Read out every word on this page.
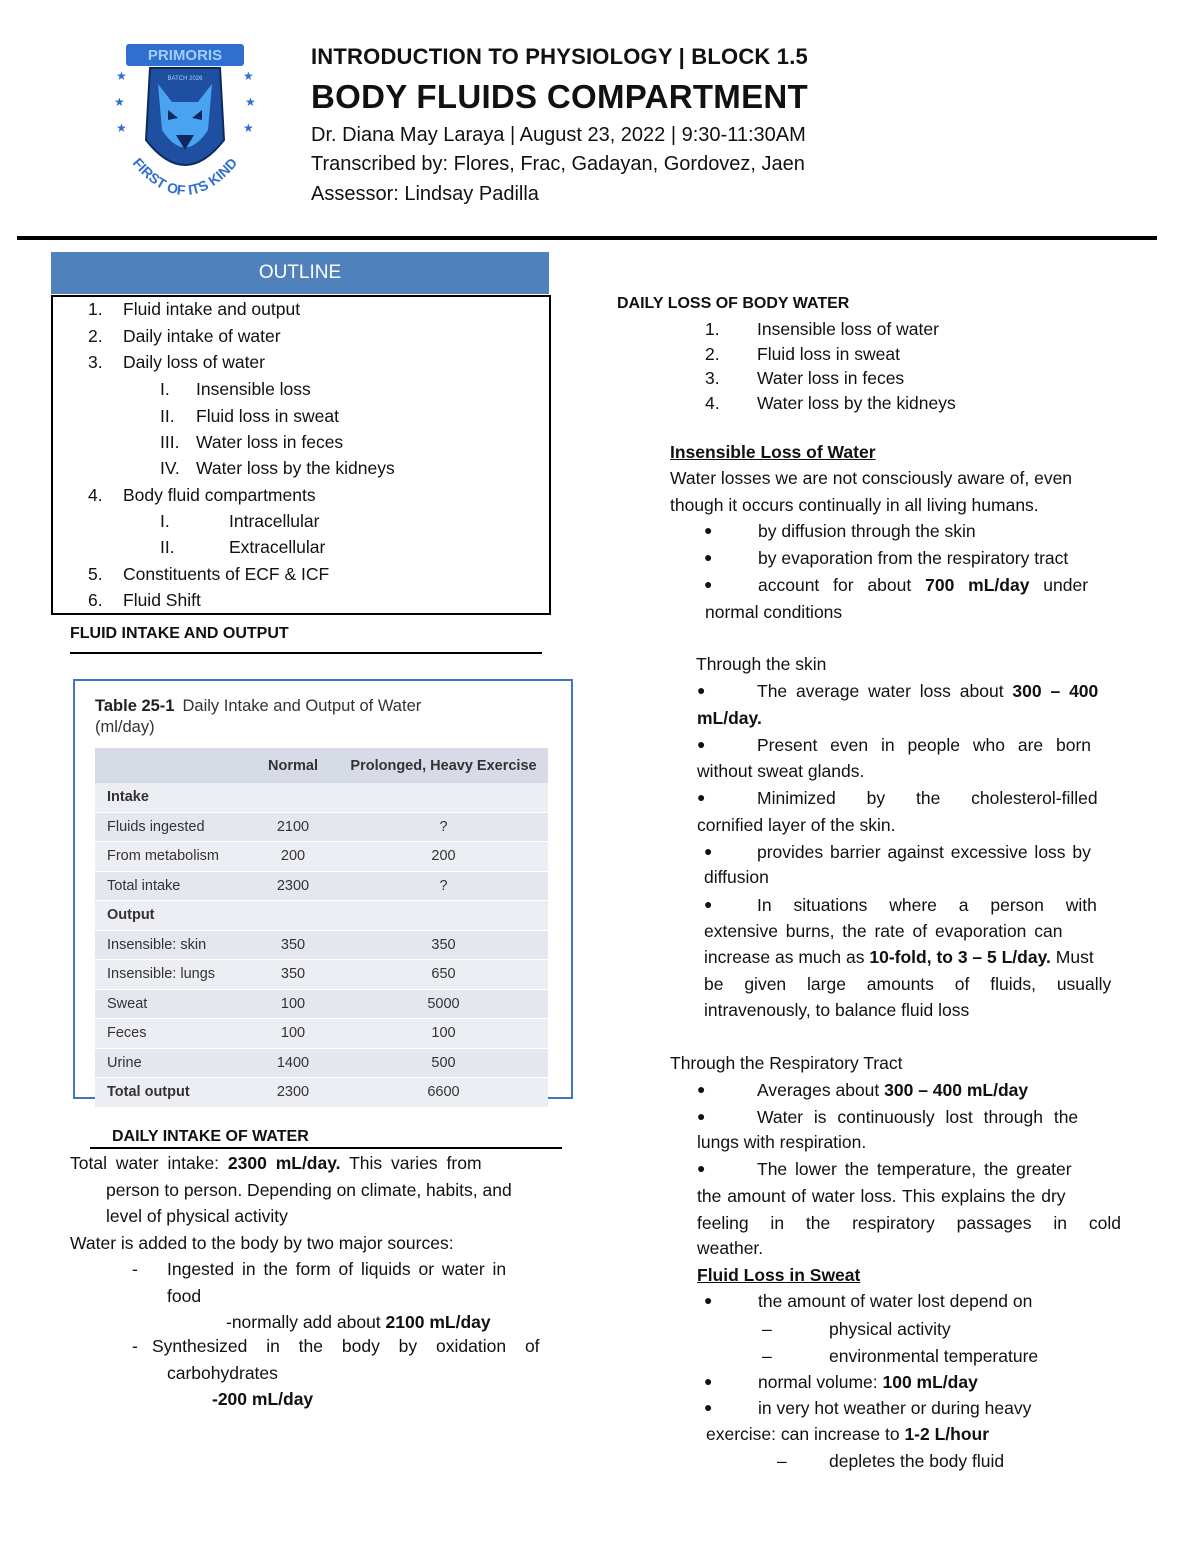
PRIMORIS
★	★
★	★
★	★
BATCH 2026
FIRST OF ITS KIND
INTRODUCTION TO PHYSIOLOGY | BLOCK 1.5
BODY FLUIDS COMPARTMENT
Dr. Diana May Laraya | August 23, 2022 | 9:30-11:30AM
Transcribed by: Flores, Frac, Gadayan, Gordovez, Jaen
Assessor: Lindsay Padilla
OUTLINE
1. Fluid intake and output
2. Daily intake of water
3. Daily loss of water
I. Insensible loss
II. Fluid loss in sweat
III. Water loss in feces
IV. Water loss by the kidneys
4. Body fluid compartments
I.	Intracellular
II.	Extracellular
5. Constituents of ECF & ICF
6. Fluid Shift
FLUID INTAKE AND OUTPUT
Table 25-1 Daily Intake and Output of Water
(ml/day)
	Normal	Prolonged, Heavy Exercise
Intake		
Fluids ingested	2100	?
From metabolism	200	200
Total intake	2300	?
Output		
Insensible: skin	350	350
Insensible: lungs	350	650
Sweat	100	5000
Feces	100	100
Urine	1400	500
Total output	2300	6600
DAILY INTAKE OF WATER
Total water intake: 2300 mL/day. This varies from
person to person. Depending on climate, habits, and
level of physical activity
Water is added to the body by two major sources:
- Ingested in the form of liquids or water in
food
-normally add about 2100 mL/day
- Synthesized in the body by oxidation of
carbohydrates
-200 mL/day
DAILY LOSS OF BODY WATER
1. Insensible loss of water
2. Fluid loss in sweat
3. Water loss in feces
4. Water loss by the kidneys
Insensible Loss of Water
Water losses we are not consciously aware of, even
though it occurs continually in all living humans.
●	by diffusion through the skin
●	by evaporation from the respiratory tract
●	account for about 700 mL/day under
normal conditions
Through the skin
●	The average water loss about 300 – 400
mL/day.
●	Present even in people who are born
without sweat glands.
●	Minimized by the cholesterol-filled
cornified layer of the skin.
●	provides barrier against excessive loss by
diffusion
●	In situations where a person with
extensive burns, the rate of evaporation can
increase as much as 10-fold, to 3 – 5 L/day. Must
be given large amounts of fluids, usually
intravenously, to balance fluid loss
Through the Respiratory Tract
●	Averages about 300 – 400 mL/day
●	Water is continuously lost through the
lungs with respiration.
●	The lower the temperature, the greater
the amount of water loss. This explains the dry
feeling in the respiratory passages in cold
weather.
Fluid Loss in Sweat
●	the amount of water lost depend on
–	physical activity
–	environmental temperature
●	normal volume: 100 mL/day
●	in very hot weather or during heavy
exercise: can increase to 1-2 L/hour
– depletes the body fluid
